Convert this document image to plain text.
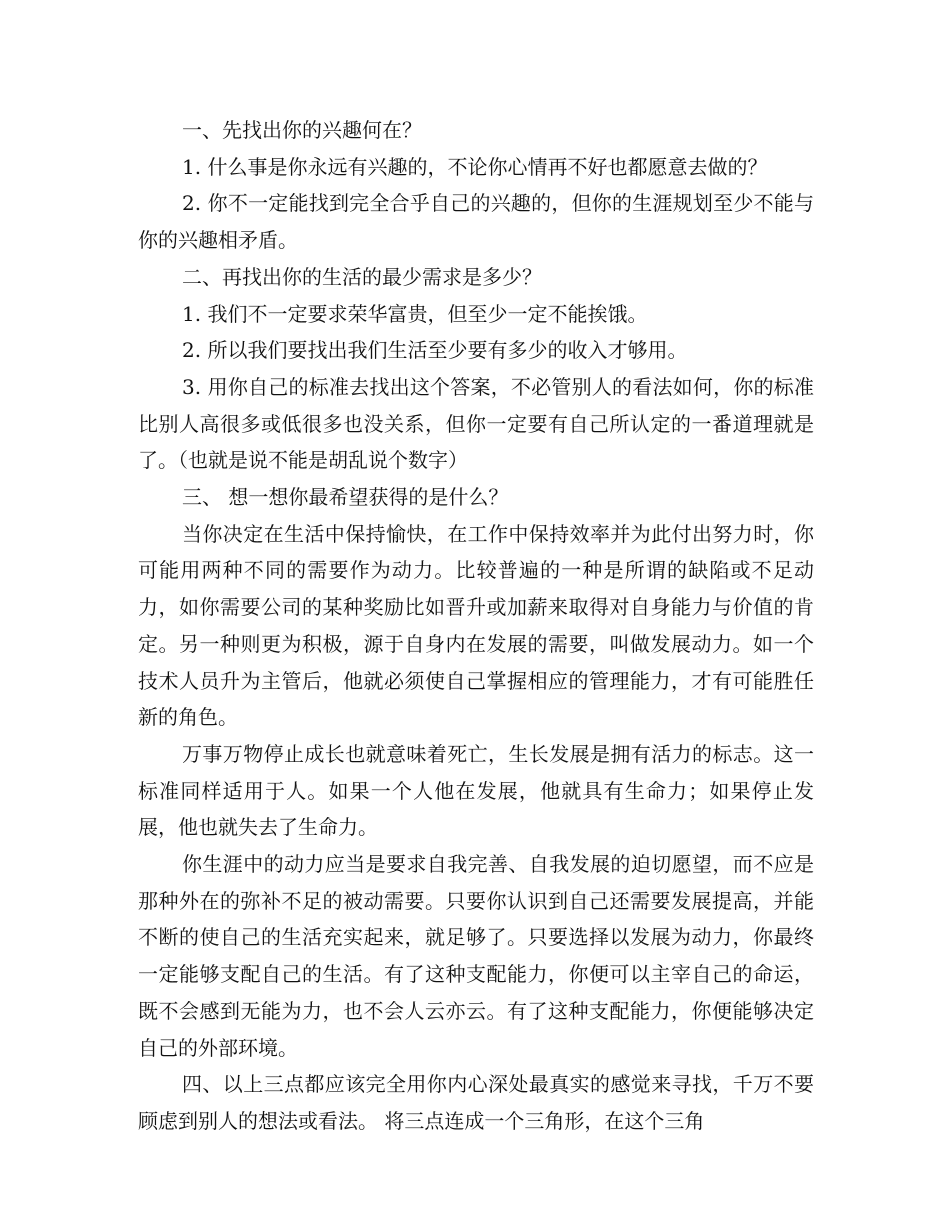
一、先找出你的兴趣何在？

1. 什么事是你永远有兴趣的，不论你心情再不好也都愿意去做的？

2. 你不一定能找到完全合乎自己的兴趣的，但你的生涯规划至少不能与你的兴趣相矛盾。

二、再找出你的生活的最少需求是多少？

1. 我们不一定要求荣华富贵，但至少一定不能挨饿。

2. 所以我们要找出我们生活至少要有多少的收入才够用。

3. 用你自己的标准去找出这个答案，不必管别人的看法如何，你的标准比别人高很多或低很多也没关系，但你一定要有自己所认定的一番道理就是了。（也就是说不能是胡乱说个数字）

三、 想一想你最希望获得的是什么？

当你决定在生活中保持愉快，在工作中保持效率并为此付出努力时，你可能用两种不同的需要作为动力。比较普遍的一种是所谓的缺陷或不足动力，如你需要公司的某种奖励比如晋升或加薪来取得对自身能力与价值的肯定。另一种则更为积极，源于自身内在发展的需要，叫做发展动力。如一个技术人员升为主管后，他就必须使自己掌握相应的管理能力，才有可能胜任新的角色。

万事万物停止成长也就意味着死亡，生长发展是拥有活力的标志。这一标准同样适用于人。如果一个人他在发展，他就具有生命力；如果停止发展，他也就失去了生命力。

你生涯中的动力应当是要求自我完善、自我发展的迫切愿望，而不应是那种外在的弥补不足的被动需要。只要你认识到自己还需要发展提高，并能不断的使自己的生活充实起来，就足够了。只要选择以发展为动力，你最终一定能够支配自己的生活。有了这种支配能力，你便可以主宰自己的命运，既不会感到无能为力，也不会人云亦云。有了这种支配能力，你便能够决定自己的外部环境。

四、以上三点都应该完全用你内心深处最真实的感觉来寻找，千万不要顾虑到别人的想法或看法。 将三点连成一个三角形，在这个三角
